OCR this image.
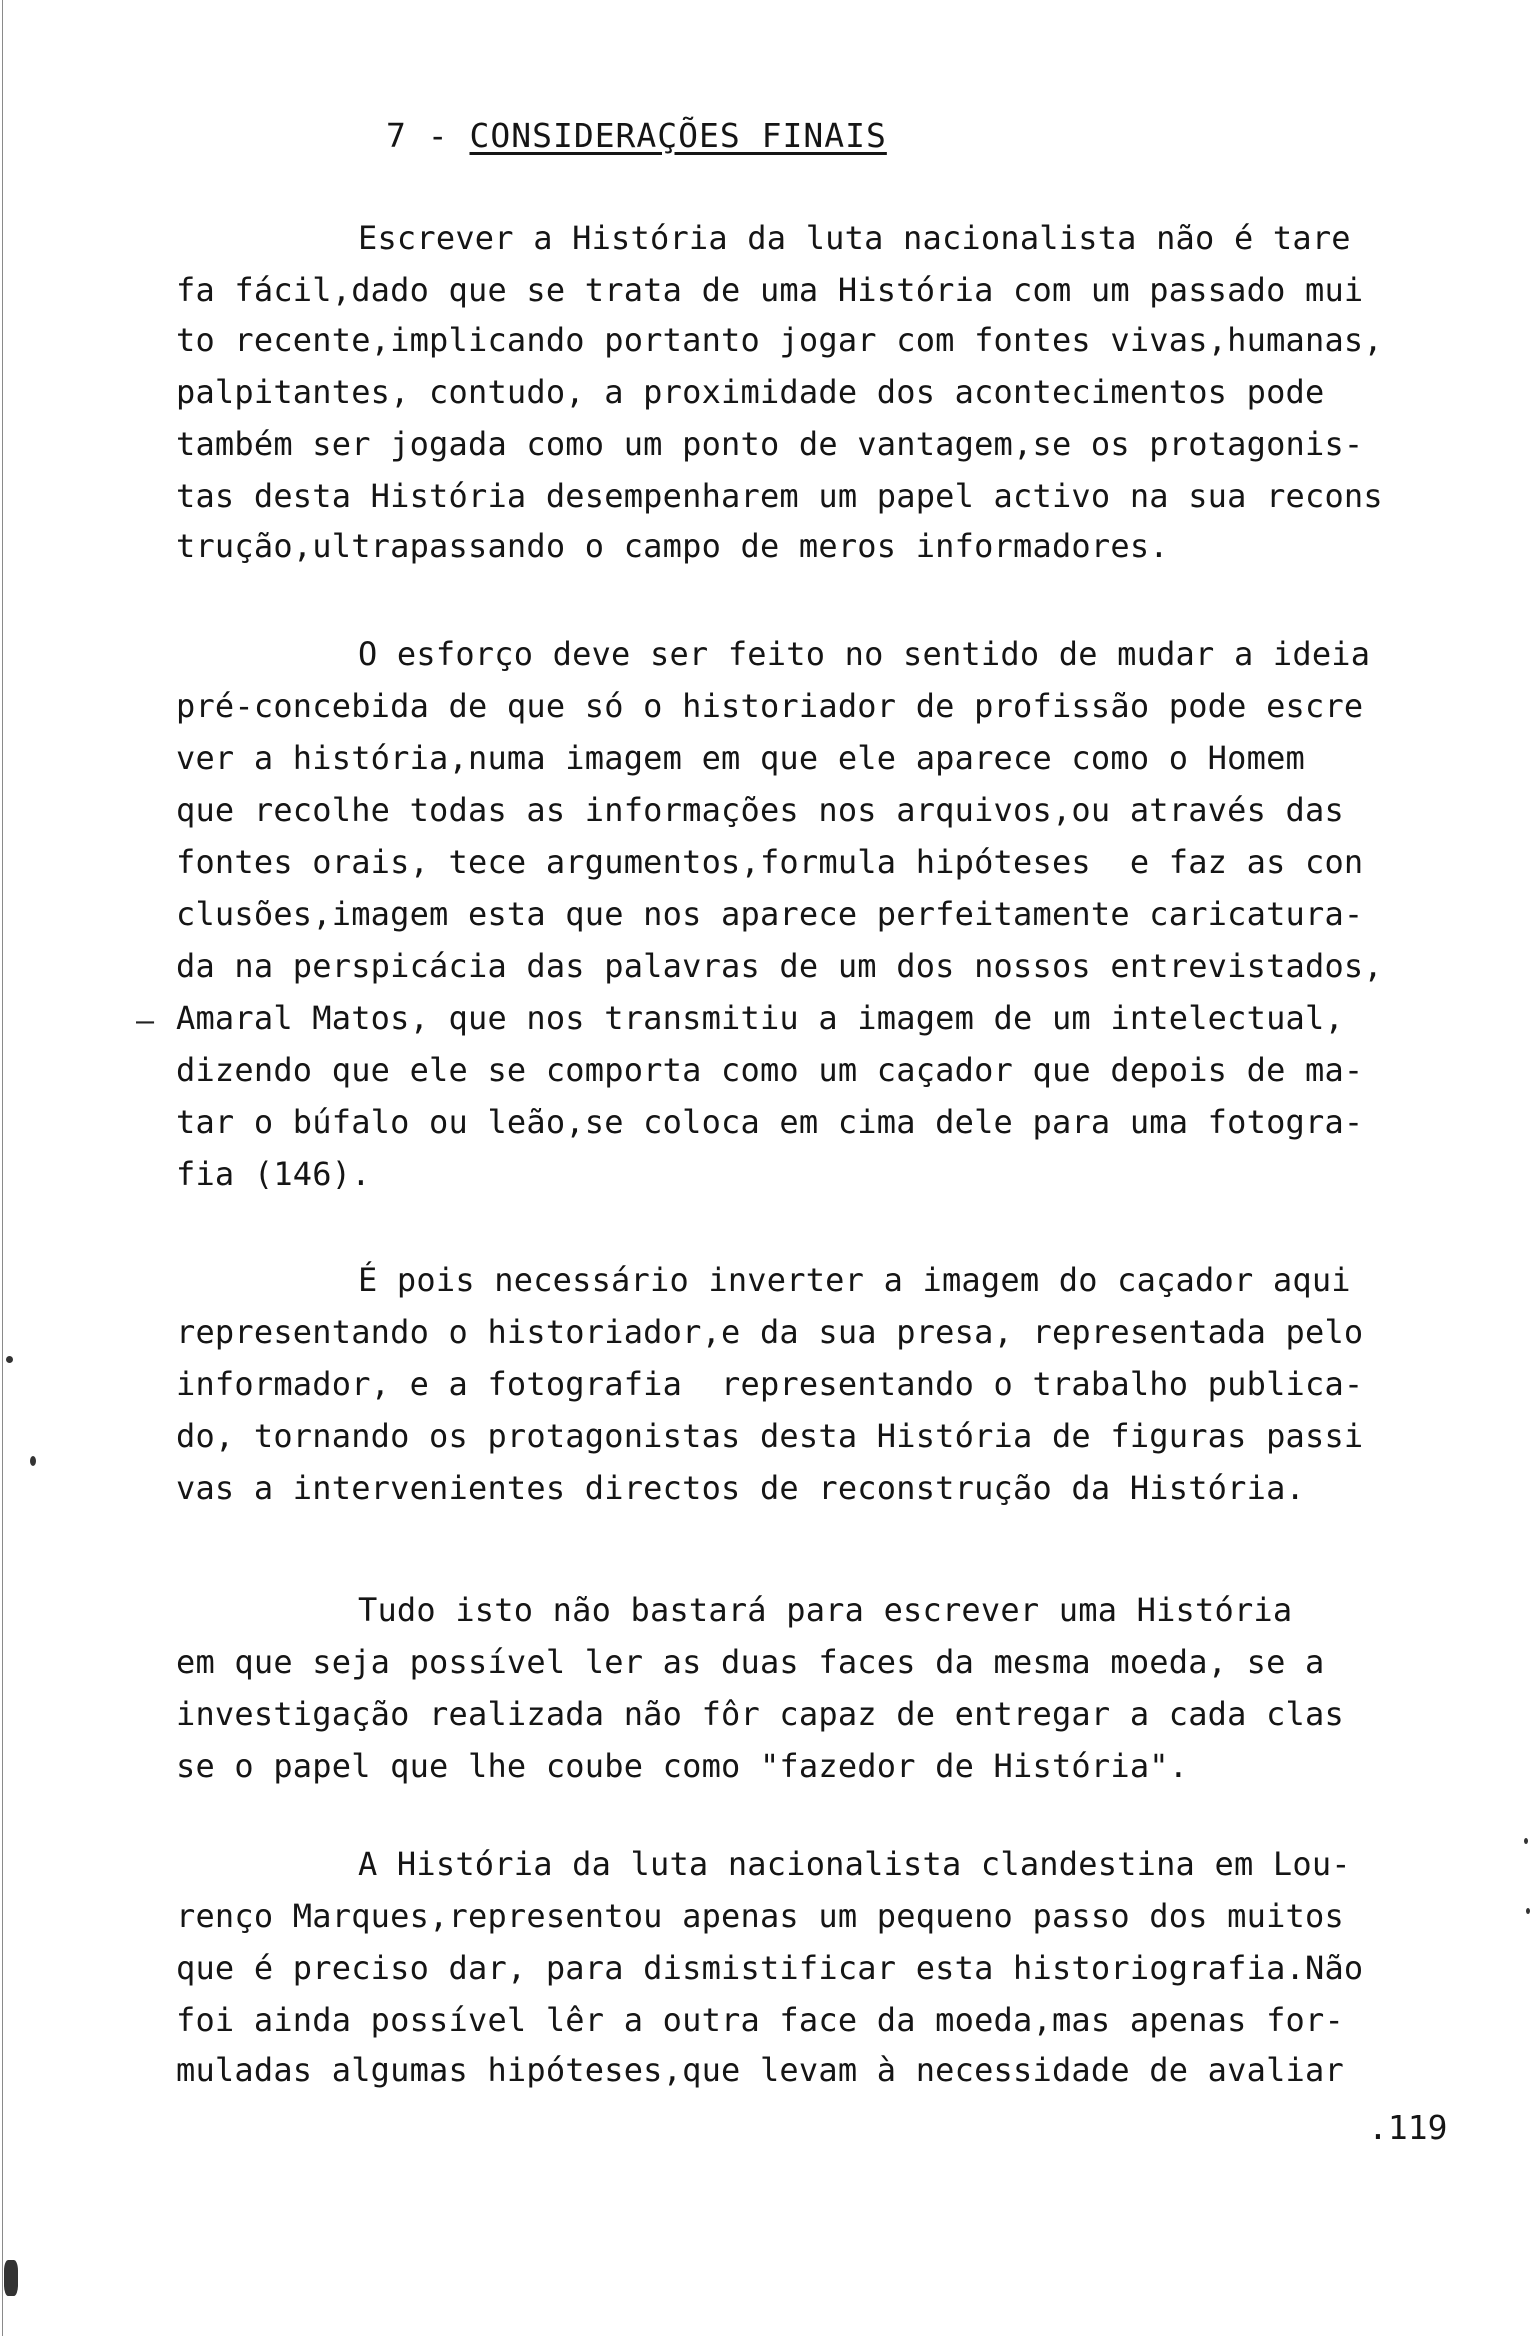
7 - CONSIDERAÇÕES FINAIS
Escrever a História da luta nacionalista não é tare
fa fácil,dado que se trata de uma História com um passado mui
to recente,implicando portanto jogar com fontes vivas,humanas,
palpitantes, contudo, a proximidade dos acontecimentos pode
também ser jogada como um ponto de vantagem,se os protagonis-
tas desta História desempenharem um papel activo na sua recons
trução,ultrapassando o campo de meros informadores.
O esforço deve ser feito no sentido de mudar a ideia
pré-concebida de que só o historiador de profissão pode escre
ver a história,numa imagem em que ele aparece como o Homem
que recolhe todas as informações nos arquivos,ou através das
fontes orais, tece argumentos,formula hipóteses  e faz as con
clusões,imagem esta que nos aparece perfeitamente caricatura-
da na perspicácia das palavras de um dos nossos entrevistados,
Amaral Matos, que nos transmitiu a imagem de um intelectual,
dizendo que ele se comporta como um caçador que depois de ma-
tar o búfalo ou leão,se coloca em cima dele para uma fotogra-
fia (146).
É pois necessário inverter a imagem do caçador aqui
representando o historiador,e da sua presa, representada pelo
informador, e a fotografia  representando o trabalho publica-
do, tornando os protagonistas desta História de figuras passi
vas a intervenientes directos de reconstrução da História.
Tudo isto não bastará para escrever uma História
em que seja possível ler as duas faces da mesma moeda, se a
investigação realizada não fôr capaz de entregar a cada clas
se o papel que lhe coube como "fazedor de História".
A História da luta nacionalista clandestina em Lou-
renço Marques,representou apenas um pequeno passo dos muitos
que é preciso dar, para dismistificar esta historiografia.Não
foi ainda possível lêr a outra face da moeda,mas apenas for-
muladas algumas hipóteses,que levam à necessidade de avaliar
.119
–
